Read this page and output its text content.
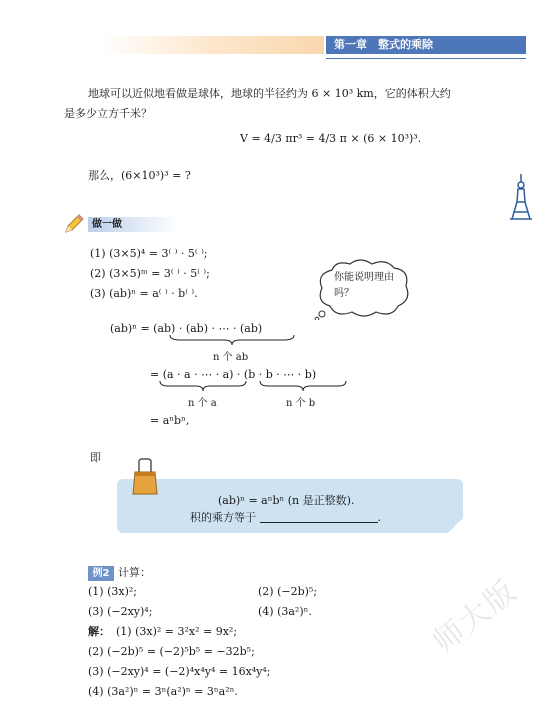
第一章　整式的乘除
地球可以近似地看做是球体，地球的半径约为 6 × 10³ km，它的体积大约
是多少立方千米？
V = 4/3 πr³ = 4/3 π × (6 × 10³)³.
那么，(6×10³)³ = ?
做一做
(1) (3×5)⁴ = 3⁽ ⁾ · 5⁽ ⁾;
(2) (3×5)ᵐ = 3⁽ ⁾ · 5⁽ ⁾;
(3) (ab)ⁿ = a⁽ ⁾ · b⁽ ⁾.
你能说明理由吗？
(ab)ⁿ = (ab) · (ab) · ⋯ · (ab)
n 个 ab
= (a · a · ⋯ · a) · (b · b · ⋯ · b)
n 个 a	n 个 b
= aⁿbⁿ,
即
(ab)ⁿ = aⁿbⁿ (n 是正整数).
积的乘方等于	.
例2 计算：
(1) (3x)²;	(2) (−2b)⁵;
(3) (−2xy)⁴;	(4) (3a²)ⁿ.
解： (1) (3x)² = 3²x² = 9x²;
(2) (−2b)⁵ = (−2)⁵b⁵ = −32b⁵;
(3) (−2xy)⁴ = (−2)⁴x⁴y⁴ = 16x⁴y⁴;
(4) (3a²)ⁿ = 3ⁿ(a²)ⁿ = 3ⁿa²ⁿ.
师大版
